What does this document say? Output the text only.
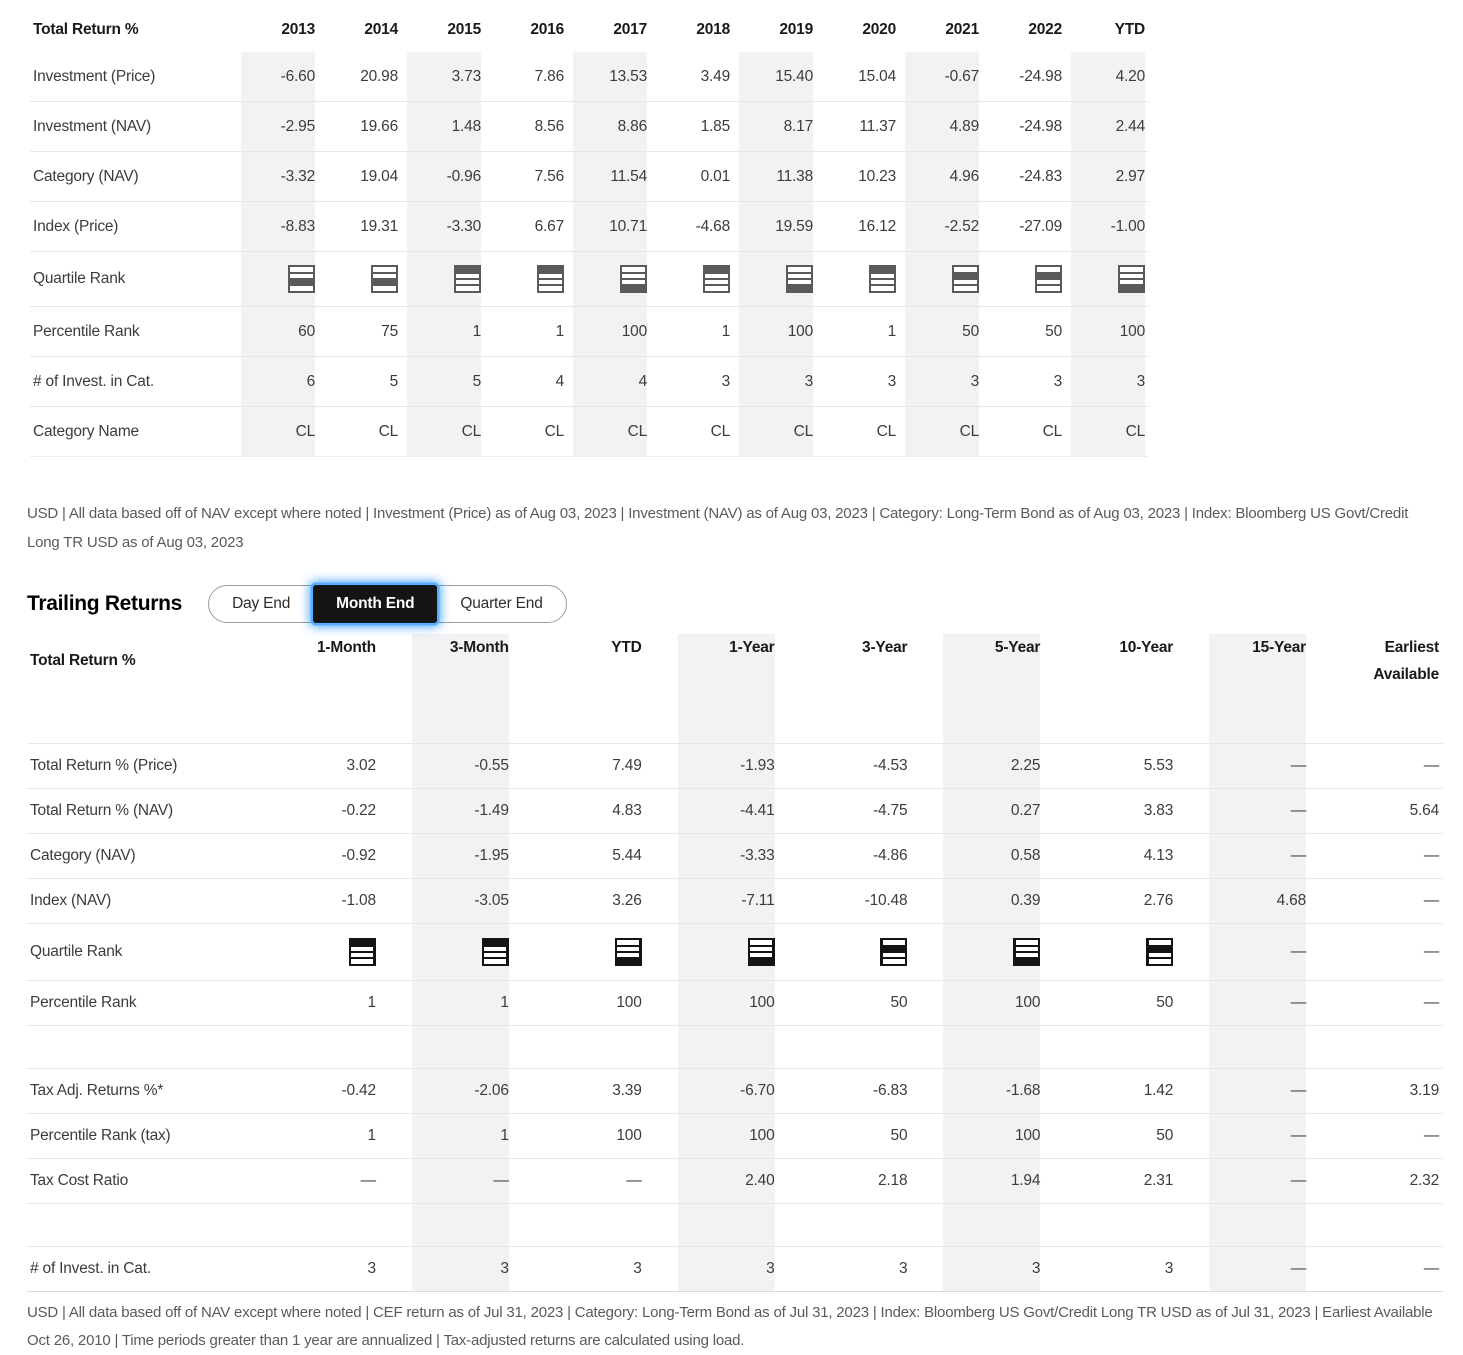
Total Return %	2013	2014	2015	2016	2017	2018	2019	2020	2021	2022	YTD
Investment (Price)	-6.60	20.98	3.73	7.86	13.53	3.49	15.40	15.04	-0.67	-24.98	4.20
Investment (NAV)	-2.95	19.66	1.48	8.56	8.86	1.85	8.17	11.37	4.89	-24.98	2.44
Category (NAV)	-3.32	19.04	-0.96	7.56	11.54	0.01	11.38	10.23	4.96	-24.83	2.97
Index (Price)	-8.83	19.31	-3.30	6.67	10.71	-4.68	19.59	16.12	-2.52	-27.09	-1.00
Quartile Rank	

Percentile Rank	60	75	1	1	100	1	100	1	50	50	100
# of Invest. in Cat.	6	5	5	4	4	3	3	3	3	3	3
Category Name	CL	CL	CL	CL	CL	CL	CL	CL	CL	CL	CL

USD | All data based off of NAV except where noted | Investment (Price) as of Aug 03, 2023 | Investment (NAV) as of Aug 03, 2023 | Category: Long-Term Bond as of Aug 03, 2023 | Index: Bloomberg US Govt/Credit Long TR USD as of Aug 03, 2023

Trailing Returns	Day End	Month End	Quarter End
Total Return %	1-Month	3-Month	YTD	1-Year	3-Year	5-Year	10-Year	15-Year	Earliest Available
Total Return % (Price)	3.02	-0.55	7.49	-1.93	-4.53	2.25	5.53	—	—
Total Return % (NAV)	-0.22	-1.49	4.83	-4.41	-4.75	0.27	3.83	—	5.64
Category (NAV)	-0.92	-1.95	5.44	-3.33	-4.86	0.58	4.13	—	—
Index (NAV)	-1.08	-3.05	3.26	-7.11	-10.48	0.39	2.76	4.68	—
Quartile Rank								—	—
Percentile Rank	1	1	100	100	50	100	50	—	—

Tax Adj. Returns %*	-0.42	-2.06	3.39	-6.70	-6.83	-1.68	1.42	—	3.19
Percentile Rank (tax)	1	1	100	100	50	100	50	—	—
Tax Cost Ratio	—	—	—	2.40	2.18	1.94	2.31	—	2.32

# of Invest. in Cat.	3	3	3	3	3	3	3	—	—

USD | All data based off of NAV except where noted | CEF return as of Jul 31, 2023 | Category: Long-Term Bond as of Jul 31, 2023 | Index: Bloomberg US Govt/Credit Long TR USD as of Jul 31, 2023 | Earliest Available Oct 26, 2010 | Time periods greater than 1 year are annualized | Tax-adjusted returns are calculated using load.
